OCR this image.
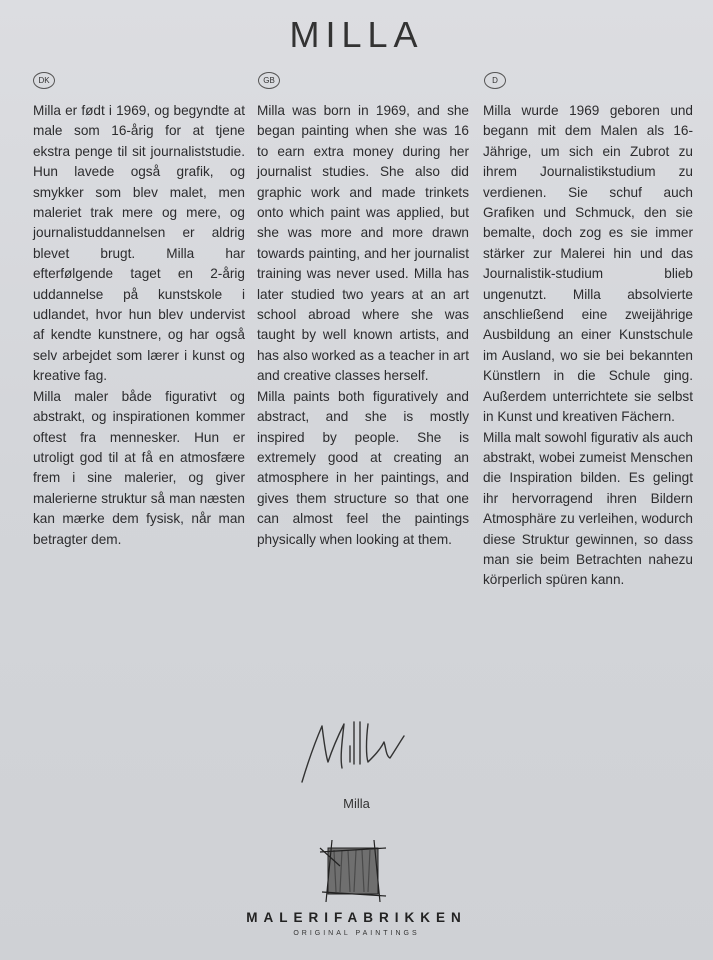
MILLA
DK
Milla er født i 1969, og begyndte at male som 16-årig for at tjene ekstra penge til sit journaliststudie. Hun lavede også grafik, og smykker som blev malet, men maleriet trak mere og mere, og journalistuddannelsen er aldrig blevet brugt. Milla har efterfølgende taget en 2-årig uddannelse på kunstskole i udlandet, hvor hun blev undervist af kendte kunstnere, og har også selv arbejdet som lærer i kunst og kreative fag.
Milla maler både figurativt og abstrakt, og inspirationen kommer oftest fra mennesker. Hun er utroligt god til at få en atmosfære frem i sine malerier, og giver malerierne struktur så man næsten kan mærke dem fysisk, når man betragter dem.
GB
Milla was born in 1969, and she began painting when she was 16 to earn extra money during her journalist studies. She also did graphic work and made trinkets onto which paint was applied, but she was more and more drawn towards painting, and her journalist training was never used. Milla has later studied two years at an art school abroad where she was taught by well known artists, and has also worked as a teacher in art and creative classes herself.
Milla paints both figuratively and abstract, and she is mostly inspired by people. She is extremely good at creating an atmosphere in her paintings, and gives them structure so that one can almost feel the paintings physically when looking at them.
D
Milla wurde 1969 geboren und begann mit dem Malen als 16-Jährige, um sich ein Zubrot zu ihrem Journalistikstudium zu verdienen. Sie schuf auch Grafiken und Schmuck, den sie bemalte, doch zog es sie immer stärker zur Malerei hin und das Journalistik-studium blieb ungenutzt. Milla absolvierte anschließend eine zweijährige Ausbildung an einer Kunstschule im Ausland, wo sie bei bekannten Künstlern in die Schule ging. Außerdem unterrichtete sie selbst in Kunst und kreativen Fächern.
Milla malt sowohl figurativ als auch abstrakt, wobei zumeist Menschen die Inspiration bilden. Es gelingt ihr hervorragend ihren Bildern Atmosphäre zu verleihen, wodurch diese Struktur gewinnen, so dass man sie beim Betrachten nahezu körperlich spüren kann.
Milla
MALERIFABRIKKEN
ORIGINAL PAINTINGS
